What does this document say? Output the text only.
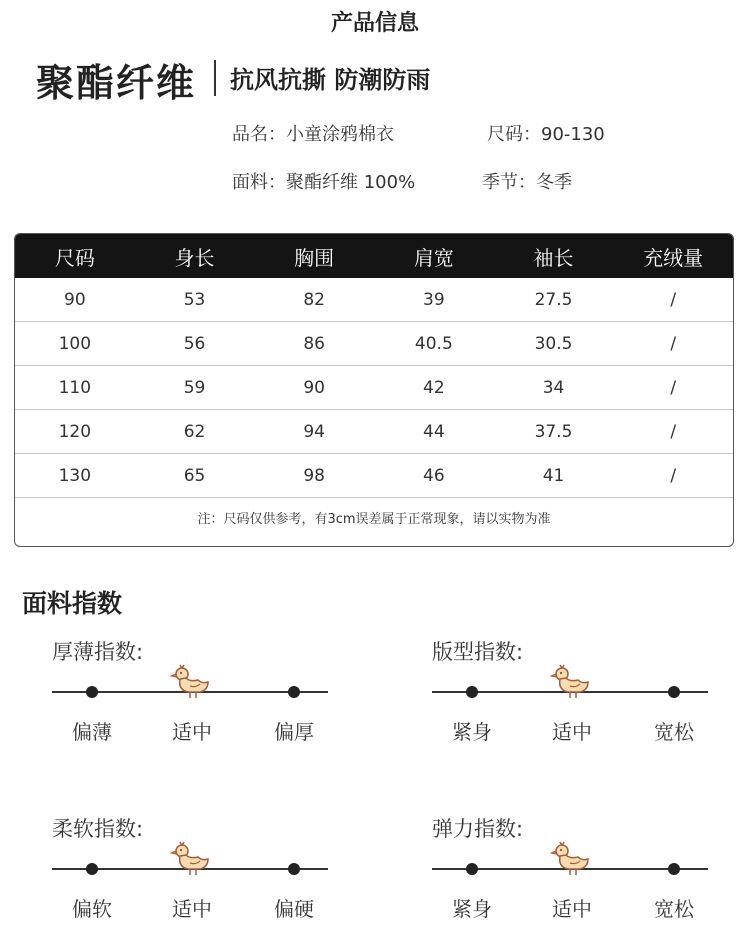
产品信息
聚酯纤维 抗风抗撕 防潮防雨
品名：小童涂鸦棉衣	尺码：90-130
面料：聚酯纤维 100%	季节：冬季
尺码	身长	胸围	肩宽	袖长	充绒量
90	53	82	39	27.5	/
100	56	86	40.5	30.5	/
110	59	90	42	34	/
120	62	94	44	37.5	/
130	65	98	46	41	/
注：尺码仅供参考，有3cm误差属于正常现象，请以实物为准
面料指数
厚薄指数:
偏薄	适中	偏厚
版型指数:
紧身	适中	宽松
柔软指数:
偏软	适中	偏硬
弹力指数:
紧身	适中	宽松
